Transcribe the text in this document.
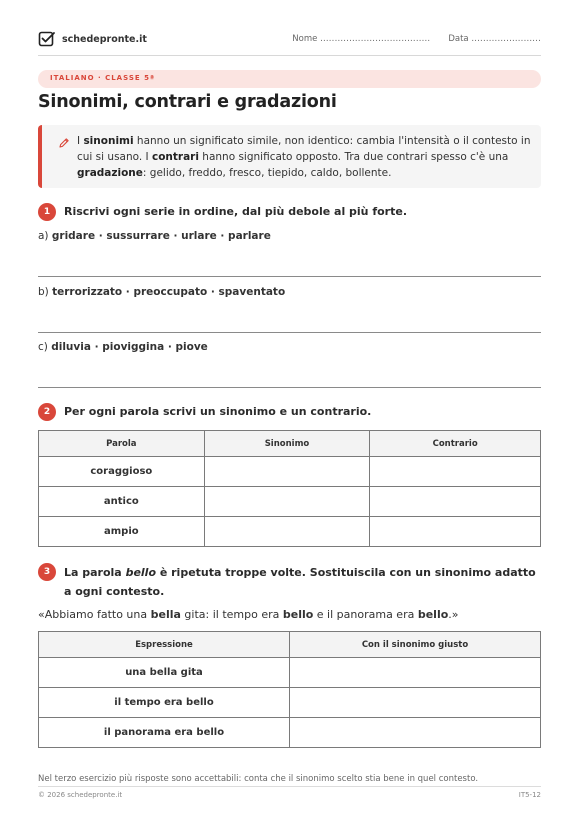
schedepronte.it	Nome ...................................... Data ........................
ITALIANO · CLASSE 5ª
Sinonimi, contrari e gradazioni
I sinonimi hanno un significato simile, non identico: cambia l'intensità o il contesto in cui si usano. I contrari hanno significato opposto. Tra due contrari spesso c'è una gradazione: gelido, freddo, fresco, tiepido, caldo, bollente.
1	Riscrivi ogni serie in ordine, dal più debole al più forte.
a) gridare · sussurrare · urlare · parlare
b) terrorizzato · preoccupato · spaventato
c) diluvia · pioviggina · piove
2	Per ogni parola scrivi un sinonimo e un contrario.
Parola	Sinonimo	Contrario
coraggioso		
antico		
ampio		
3	La parola bello è ripetuta troppe volte. Sostituiscila con un sinonimo adatto a ogni contesto.
«Abbiamo fatto una bella gita: il tempo era bello e il panorama era bello.»
Espressione	Con il sinonimo giusto
una bella gita	
il tempo era bello	
il panorama era bello	
Nel terzo esercizio più risposte sono accettabili: conta che il sinonimo scelto stia bene in quel contesto.
© 2026 schedepronte.it	IT5-12
